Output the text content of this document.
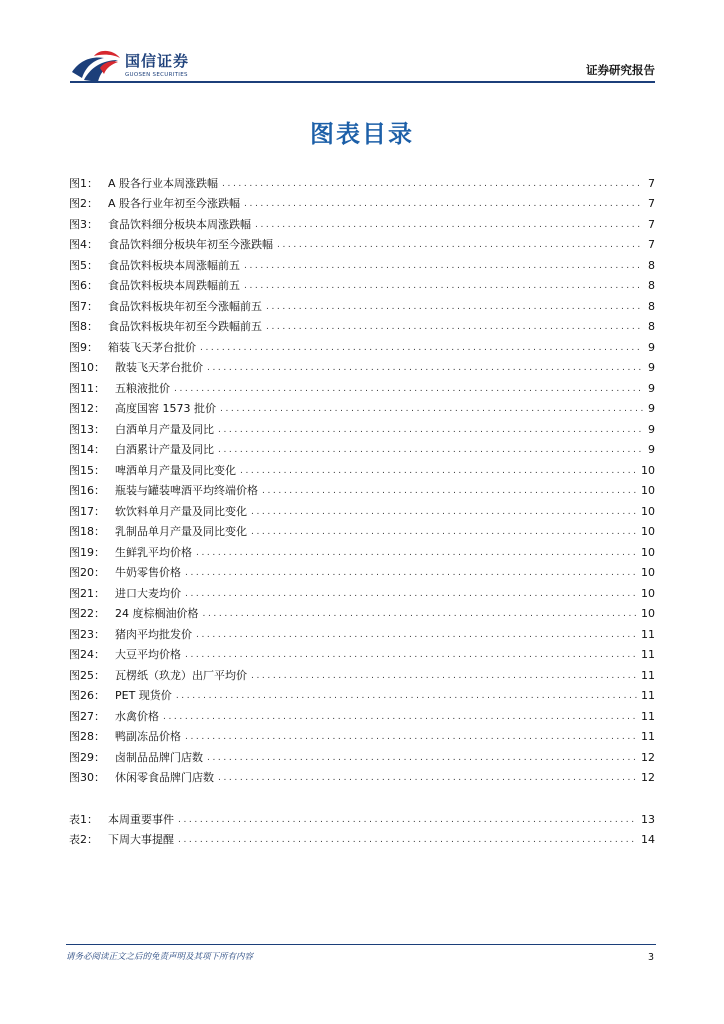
国信证券
GUOSEN SECURITIES	证券研究报告
图表目录
图1： A 股各行业本周涨跌幅 .....	7
图2： A 股各行业年初至今涨跌幅 .....	7
图3： 食品饮料细分板块本周涨跌幅 .....	7
图4： 食品饮料细分板块年初至今涨跌幅 .....	7
图5： 食品饮料板块本周涨幅前五 .....	8
图6： 食品饮料板块本周跌幅前五 .....	8
图7： 食品饮料板块年初至今涨幅前五 .....	8
图8： 食品饮料板块年初至今跌幅前五 .....	8
图9： 箱装飞天茅台批价 .....	9
图10： 散装飞天茅台批价 .....	9
图11： 五粮液批价 .....	9
图12： 高度国窖 1573 批价 .....	9
图13： 白酒单月产量及同比 .....	9
图14： 白酒累计产量及同比 .....	9
图15： 啤酒单月产量及同比变化 .....	10
图16： 瓶装与罐装啤酒平均终端价格 .....	10
图17： 软饮料单月产量及同比变化 .....	10
图18： 乳制品单月产量及同比变化 .....	10
图19： 生鲜乳平均价格 .....	10
图20： 牛奶零售价格 .....	10
图21： 进口大麦均价 .....	10
图22： 24 度棕榈油价格 .....	10
图23： 猪肉平均批发价 .....	11
图24： 大豆平均价格 .....	11
图25： 瓦楞纸（玖龙）出厂平均价 .....	11
图26： PET 现货价 .....	11
图27： 水禽价格 .....	11
图28： 鸭副冻品价格 .....	11
图29： 卤制品品牌门店数 .....	12
图30： 休闲零食品牌门店数 .....	12
表1： 本周重要事件 .....	13
表2： 下周大事提醒 .....	14
请务必阅读正文之后的免责声明及其项下所有内容	3
